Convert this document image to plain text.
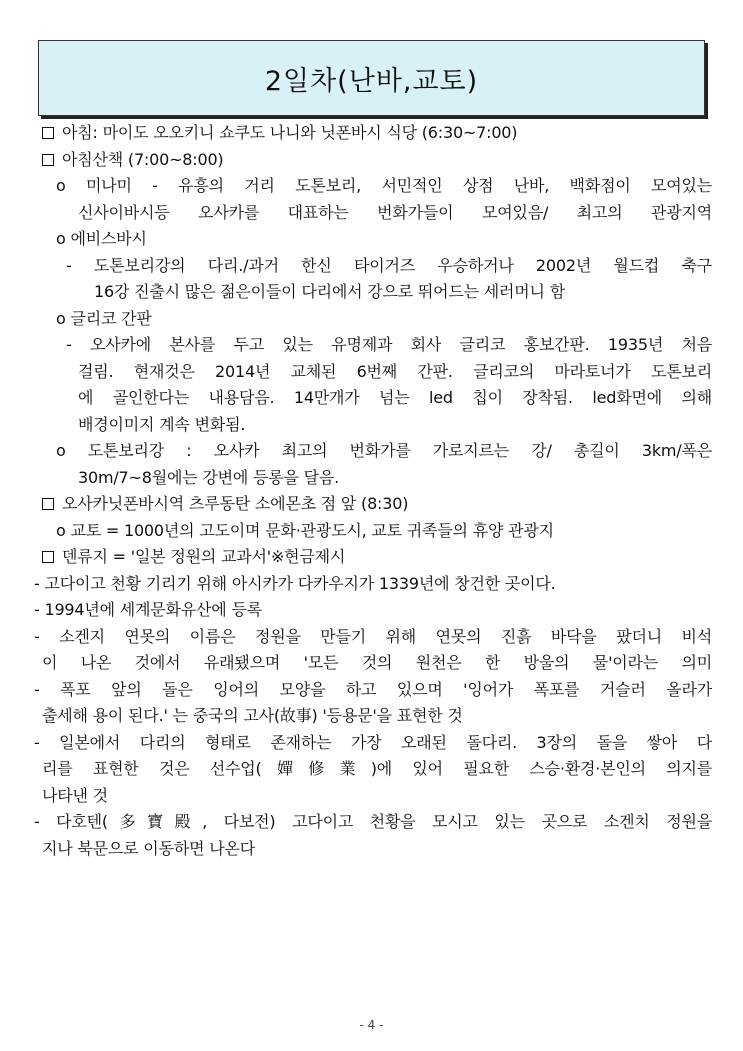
2일차(난바,교토)
아침: 마이도 오오키니 쇼쿠도 나니와 닛폰바시 식당 (6:30~7:00)
아침산책 (7:00~8:00)
o 미나미 - 유흥의 거리 도톤보리, 서민적인 상점 난바, 백화점이 모여있는
신사이바시등 오사카를 대표하는 번화가들이 모여있음/ 최고의 관광지역
o 에비스바시
- 도톤보리강의 다리./과거 한신 타이거즈 우승하거나 2002년 월드컵 축구
16강 진출시 많은 젊은이들이 다리에서 강으로 뛰어드는 세러머니 함
o 글리코 간판
- 오사카에 본사를 두고 있는 유명제과 회사 글리코 홍보간판. 1935년 처음
걸림. 현재것은 2014년 교체된 6번째 간판. 글리코의 마라토너가 도톤보리
에 골인한다는 내용담음. 14만개가 넘는 led 칩이 장착됨. led화면에 의해
배경이미지 계속 변화됨.
o 도톤보리강 : 오사카 최고의 번화가를 가로지르는 강/ 총길이 3km/폭은
30m/7~8월에는 강변에 등롱을 달음.
오사카닛폰바시역 츠루동탄 소에몬초 점 앞 (8:30)
o 교토 = 1000년의 고도이며 문화·관광도시, 교토 귀족들의 휴양 관광지
덴류지 = '일본 정원의 교과서'※현금제시
- 고다이고 천황 기리기 위해 아시카가 다카우지가 1339년에 창건한 곳이다.
- 1994년에 세계문화유산에 등록
- 소겐지 연못의 이름은 정원을 만들기 위해 연못의 진흙 바닥을 팠더니 비석
이 나온 것에서 유래됐으며 '모든 것의 원천은 한 방울의 물'이라는 의미
- 폭포 앞의 돌은 잉어의 모양을 하고 있으며 '잉어가 폭포를 거슬러 올라가
출세해 용이 된다.' 는 중국의 고사(故事) '등용문'을 표현한 것
- 일본에서 다리의 형태로 존재하는 가장 오래된 돌다리. 3장의 돌을 쌓아 다
리를 표현한 것은 선수업(嬋修業)에 있어 필요한 스승·환경·본인의 의지를
나타낸 것
- 다호텐(多寶殿, 다보전) 고다이고 천황을 모시고 있는 곳으로 소겐치 정원을
지나 북문으로 이동하면 나온다
- 4 -
